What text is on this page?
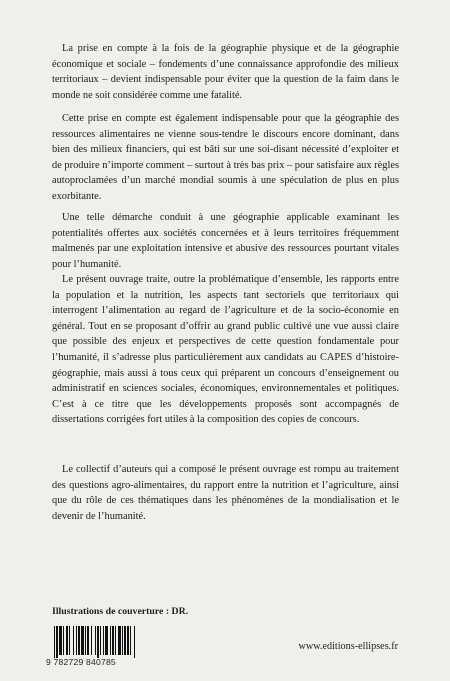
La prise en compte à la fois de la géographie physique et de la géographie économique et sociale – fondements d’une connaissance approfondie des milieux territoriaux – devient indispensable pour éviter que la question de la faim dans le monde ne soit considérée comme une fatalité.

Cette prise en compte est également indispensable pour que la géographie des ressources alimentaires ne vienne sous-tendre le discours encore dominant, dans bien des milieux financiers, qui est bâti sur une soi-disant nécessité d’exploiter et de produire n’importe comment – surtout à très bas prix – pour satisfaire aux règles autoproclamées d’un marché mondial soumis à une spéculation de plus en plus exorbitante.

Une telle démarche conduit à une géographie applicable examinant les potentialités offertes aux sociétés concernées et à leurs territoires fréquemment malmenés par une exploitation intensive et abusive des ressources pourtant vitales pour l’humanité.

Le présent ouvrage traite, outre la problématique d’ensemble, les rapports entre la population et la nutrition, les aspects tant sectoriels que territoriaux qui interrogent l’alimentation au regard de l’agriculture et de la socio-économie en général. Tout en se proposant d’offrir au grand public cultivé une vue aussi claire que possible des enjeux et perspectives de cette question fondamentale pour l’humanité, il s’adresse plus particulièrement aux candidats au CAPES d’histoire-géographie, mais aussi à tous ceux qui préparent un concours d’enseignement ou administratif en sciences sociales, économiques, environnementales et politiques. C’est à ce titre que les développements proposés sont accompagnés de dissertations corrigées fort utiles à la composition des copies de concours.

Le collectif d’auteurs qui a composé le présent ouvrage est rompu au traitement des questions agro-alimentaires, du rapport entre la nutrition et l’agriculture, ainsi que du rôle de ces thématiques dans les phénomènes de la mondialisation et le devenir de l’humanité.

Illustrations de couverture : DR.
9 782729 840785
www.editions-ellipses.fr
